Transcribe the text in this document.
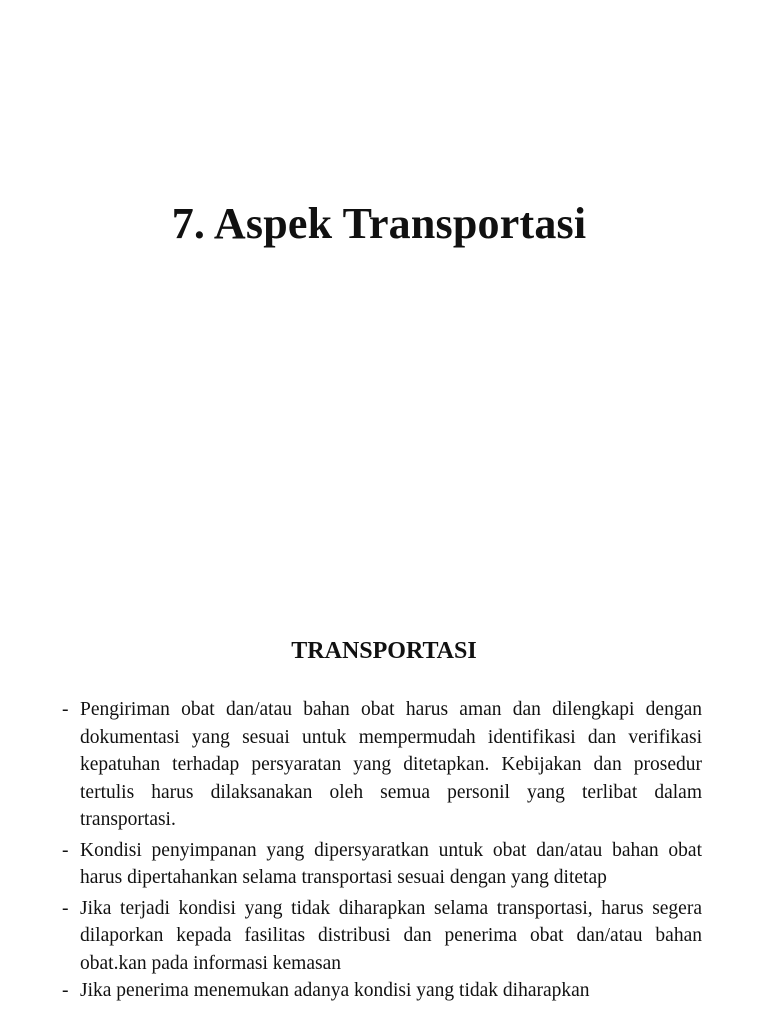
7. Aspek Transportasi
TRANSPORTASI
- Pengiriman obat dan/atau bahan obat harus aman dan dilengkapi dengan dokumentasi yang sesuai untuk mempermudah identifikasi dan verifikasi kepatuhan terhadap persyaratan yang ditetapkan. Kebijakan dan prosedur tertulis harus dilaksanakan oleh semua personil yang terlibat dalam transportasi.
- Kondisi penyimpanan yang dipersyaratkan untuk obat dan/atau bahan obat harus dipertahankan selama transportasi sesuai dengan yang ditetap
- Jika terjadi kondisi yang tidak diharapkan selama transportasi, harus segera dilaporkan kepada fasilitas distribusi dan penerima obat dan/atau bahan obat.kan pada informasi kemasan
- Jika penerima menemukan adanya kondisi yang tidak diharapkan
